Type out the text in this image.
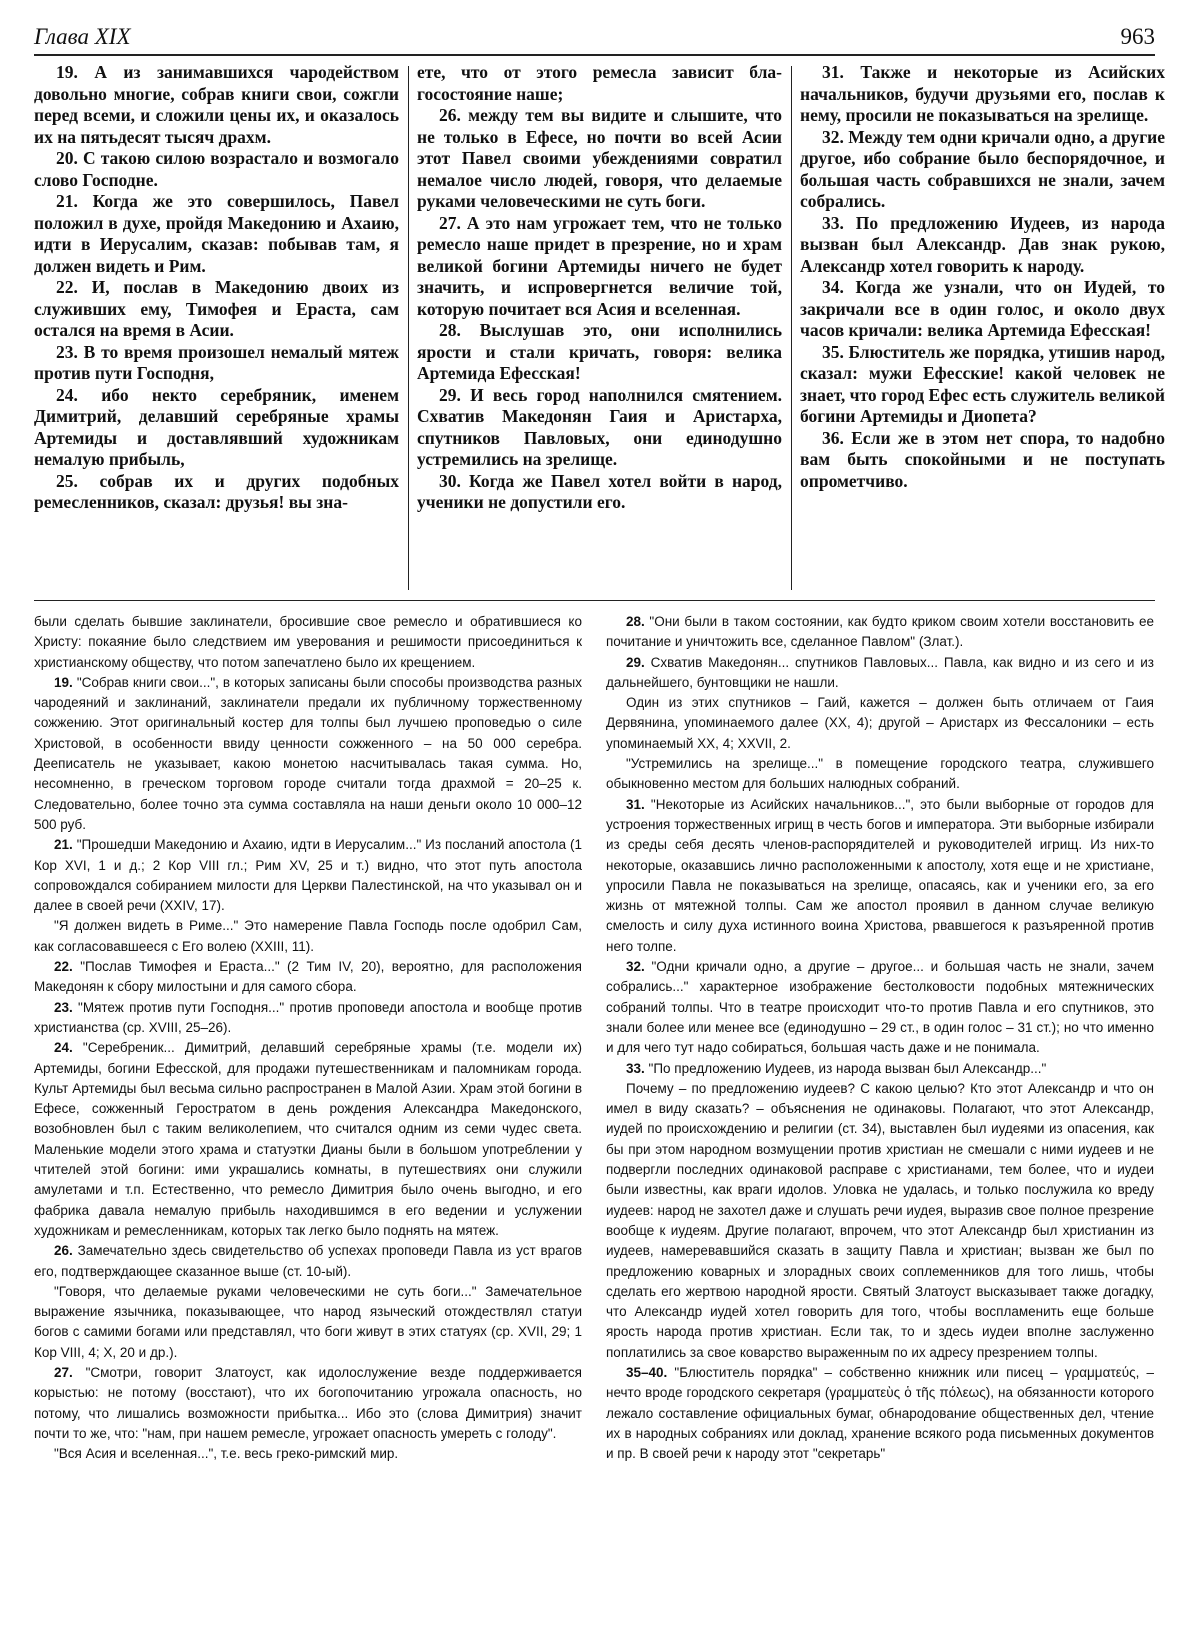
Глава XIX	963

19. А из занимавшихся чародейством довольно многие, собрав книги свои, сожгли перед всеми, и сложили цены их, и оказалось их на пятьдесят тысяч драхм.

20. С такою силою возрастало и возмогало слово Господне.

21. Когда же это совершилось, Павел положил в духе, пройдя Македонию и Ахаию, идти в Иерусалим, сказав: побывав там, я должен видеть и Рим.

22. И, послав в Македонию двоих из служивших ему, Тимофея и Ераста, сам остался на время в Асии.

23. В то время произошел немалый мятеж против пути Господня,

24. ибо некто серебряник, именем Димитрий, делавший серебряные храмы Артемиды и доставлявший художникам немалую прибыль,

25. собрав их и других подобных ремесленников, сказал: друзья! вы зна-

ете, что от этого ремесла зависит благосостояние наше;

26. между тем вы видите и слышите, что не только в Ефесе, но почти во всей Асии этот Павел своими убеждениями совратил немалое число людей, говоря, что делаемые руками человеческими не суть боги.

27. А это нам угрожает тем, что не только ремесло наше придет в презрение, но и храм великой богини Артемиды ничего не будет значить, и испровергнется величие той, которую почитает вся Асия и вселенная.

28. Выслушав это, они исполнились ярости и стали кричать, говоря: велика Артемида Ефесская!

29. И весь город наполнился смятением. Схватив Македонян Гаия и Аристарха, спутников Павловых, они единодушно устремились на зрелище.

30. Когда же Павел хотел войти в народ, ученики не допустили его.

31. Также и некоторые из Асийских начальников, будучи друзьями его, послав к нему, просили не показываться на зрелище.

32. Между тем одни кричали одно, а другие другое, ибо собрание было беспорядочное, и большая часть собравшихся не знали, зачем собрались.

33. По предложению Иудеев, из народа вызван был Александр. Дав знак рукою, Александр хотел говорить к народу.

34. Когда же узнали, что он Иудей, то закричали все в один голос, и около двух часов кричали: велика Артемида Ефесская!

35. Блюститель же порядка, утишив народ, сказал: мужи Ефесские! какой человек не знает, что город Ефес есть служитель великой богини Артемиды и Диопета?

36. Если же в этом нет спора, то надобно вам быть спокойными и не поступать опрометчиво.

были сделать бывшие заклинатели, бросившие свое ремесло и обратившиеся ко Христу: покаяние было следствием им уверования и решимости присоединиться к христианскому обществу, что потом запечатлено было их крещением.

19. "Собрав книги свои...", в которых записаны были способы производства разных чародеяний и заклинаний, заклинатели предали их публичному торжественному сожжению. Этот оригинальный костер для толпы был лучшею проповедью о силе Христовой, в особенности ввиду ценности сожженного – на 50 000 серебра. Дееписатель не указывает, какою монетою насчитывалась такая сумма. Но, несомненно, в греческом торговом городе считали тогда драхмой = 20–25 к. Следовательно, более точно эта сумма составляла на наши деньги около 10 000–12 500 руб.

21. "Прошедши Македонию и Ахаию, идти в Иерусалим..." Из посланий апостола (1 Кор XVI, 1 и д.; 2 Кор VIII гл.; Рим XV, 25 и т.) видно, что этот путь апостола сопровождался собиранием милости для Церкви Палестинской, на что указывал он и далее в своей речи (XXIV, 17).

"Я должен видеть в Риме..." Это намерение Павла Господь после одобрил Сам, как согласовавшееся с Его волею (XXIII, 11).

22. "Послав Тимофея и Ераста..." (2 Тим IV, 20), вероятно, для расположения Македонян к сбору милостыни и для самого сбора.

23. "Мятеж против пути Господня..." против проповеди апостола и вообще против христианства (ср. XVIII, 25–26).

24. "Серебреник... Димитрий, делавший серебряные храмы (т.е. модели их) Артемиды, богини Ефесской, для продажи путешественникам и паломникам города. Культ Артемиды был весьма сильно распространен в Малой Азии. Храм этой богини в Ефесе, сожженный Геростратом в день рождения Александра Македонского, возобновлен был с таким великолепием, что считался одним из семи чудес света. Маленькие модели этого храма и статуэтки Дианы были в большом употреблении у чтителей этой богини: ими украшались комнаты, в путешествиях они служили амулетами и т.п. Естественно, что ремесло Димитрия было очень выгодно, и его фабрика давала немалую прибыль находившимся в его ведении и услужении художникам и ремесленникам, которых так легко было поднять на мятеж.

26. Замечательно здесь свидетельство об успехах проповеди Павла из уст врагов его, подтверждающее сказанное выше (ст. 10-ый).

"Говоря, что делаемые руками человеческими не суть боги..." Замечательное выражение язычника, показывающее, что народ языческий отождествлял статуи богов с самими богами или представлял, что боги живут в этих статуях (ср. XVII, 29; 1 Кор VIII, 4; X, 20 и др.).

27. "Смотри, говорит Златоуст, как идолослужение везде поддерживается корыстью: не потому (восстают), что их богопочитанию угрожала опасность, но потому, что лишались возможности прибытка... Ибо это (слова Димитрия) значит почти то же, что: "нам, при нашем ремесле, угрожает опасность умереть с голоду".

"Вся Асия и вселенная...", т.е. весь греко-римский мир.

28. "Они были в таком состоянии, как будто криком своим хотели восстановить ее почитание и уничтожить все, сделанное Павлом" (Злат.).

29. Схватив Македонян... спутников Павловых... Павла, как видно и из сего и из дальнейшего, бунтовщики не нашли.

Один из этих спутников – Гаий, кажется – должен быть отличаем от Гаия Дервянина, упоминаемого далее (XX, 4); другой – Аристарх из Фессалоники – есть упоминаемый XX, 4; XXVII, 2.

"Устремились на зрелище..." в помещение городского театра, служившего обыкновенно местом для больших налюдных собраний.

31. "Некоторые из Асийских начальников...", это были выборные от городов для устроения торжественных игрищ в честь богов и императора. Эти выборные избирали из среды себя десять членов-распорядителей и руководителей игрищ. Из них-то некоторые, оказавшись лично расположенными к апостолу, хотя еще и не христиане, упросили Павла не показываться на зрелище, опасаясь, как и ученики его, за его жизнь от мятежной толпы. Сам же апостол проявил в данном случае великую смелость и силу духа истинного воина Христова, рвавшегося к разъяренной против него толпе.

32. "Одни кричали одно, а другие – другое... и большая часть не знали, зачем собрались..." характерное изображение бестолковости подобных мятежнических собраний толпы. Что в театре происходит что-то против Павла и его спутников, это знали более или менее все (единодушно – 29 ст., в один голос – 31 ст.); но что именно и для чего тут надо собираться, большая часть даже и не понимала.

33. "По предложению Иудеев, из народа вызван был Александр..."

Почему – по предложению иудеев? С какою целью? Кто этот Александр и что он имел в виду сказать? – объяснения не одинаковы. Полагают, что этот Александр, иудей по происхождению и религии (ст. 34), выставлен был иудеями из опасения, как бы при этом народном возмущении против христиан не смешали с ними иудеев и не подвергли последних одинаковой расправе с христианами, тем более, что и иудеи были известны, как враги идолов. Уловка не удалась, и только послужила ко вреду иудеев: народ не захотел даже и слушать речи иудея, выразив свое полное презрение вообще к иудеям. Другие полагают, впрочем, что этот Александр был христианин из иудеев, намеревавшийся сказать в защиту Павла и христиан; вызван же был по предложению коварных и злорадных своих соплеменников для того лишь, чтобы сделать его жертвою народной ярости. Святый Златоуст высказывает также догадку, что Александр иудей хотел говорить для того, чтобы воспламенить еще больше ярость народа против христиан. Если так, то и здесь иудеи вполне заслуженно поплатились за свое коварство выраженным по их адресу презрением толпы.

35–40. "Блюститель порядка" – собственно книжник или писец – γραμματεύς, – нечто вроде городского секретаря (γραμματεὺς ὁ τῆς πόλεως), на обязанности которого лежало составление официальных бумаг, обнародование общественных дел, чтение их в народных собраниях или доклад, хранение всякого рода письменных документов и пр. В своей речи к народу этот "секретарь"
